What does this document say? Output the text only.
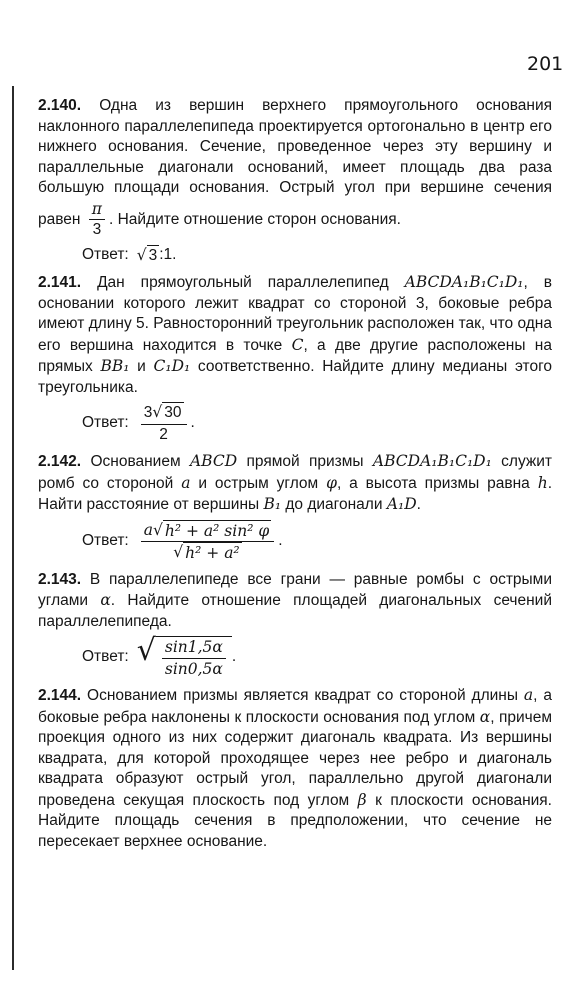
201

2.140. Одна из вершин верхнего прямоугольного основания наклонного параллелепипеда проектируется ортогонально в центр его нижнего основания. Сечение, проведенное через эту вершину и параллельные диагонали оснований, имеет площадь два раза большую площади основания. Острый угол при вершине сечения равен $\frac{\pi}{3}$ . Найдите отношение сторон основания.

Ответ: √ 3 :1.

2.141. Дан прямоугольный параллелепипед ABCDA₁B₁C₁D₁, в основании которого лежит квадрат со стороной 3, боковые ребра имеют длину 5. Равносторонний треугольник расположен так, что одна его вершина находится в точке C, а две другие расположены на прямых BB₁ и C₁D₁ соответственно. Найдите длину медианы этого треугольника.

Ответ: $\frac{3 √ 30}{2}$ .

2.142. Основанием ABCD прямой призмы ABCDA₁B₁C₁D₁ служит ромб со стороной a и острым углом φ, а высота призмы равна h. Найти расстояние от вершины B₁ до диагонали A₁D.

Ответ: $\frac{\text{a √ h² + a² sin² φ}}{\text{√ h² + a²}}$ .

2.143. В параллелепипеде все грани — равные ромбы с острыми углами α. Найдите отношение площадей диагональных сечений параллелепипеда.

Ответ: √ $\frac{\sin 1,5\alpha}{\sin 0,5\alpha}$ .

2.144. Основанием призмы является квадрат со стороной длины a, а боковые ребра наклонены к плоскости основания под углом α, причем проекция одного из них содержит диагональ квадрата. Из вершины квадрата, для которой проходящее через нее ребро и диагональ квадрата образуют острый угол, параллельно другой диагонали проведена секущая плоскость под углом β к плоскости основания. Найдите площадь сечения в предположении, что сечение не пересекает верхнее основание.
